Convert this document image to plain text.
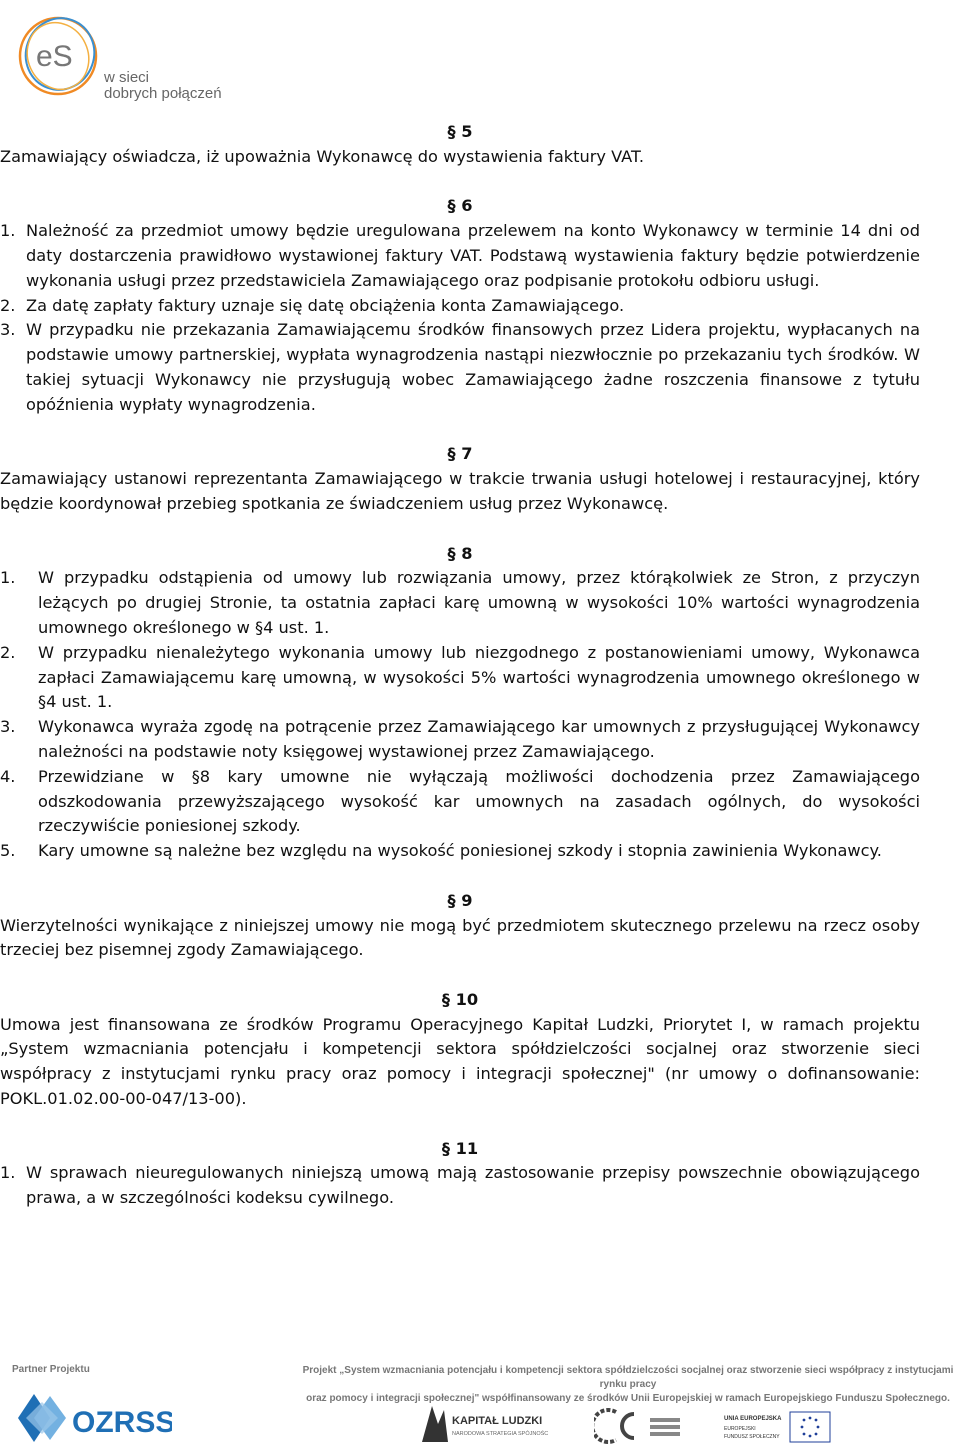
eS
w sieci
dobrych połączeń
§ 5
Zamawiający oświadcza, iż upoważnia Wykonawcę do wystawienia faktury VAT.
§ 6
1. Należność za przedmiot umowy będzie uregulowana przelewem na konto Wykonawcy w terminie 14 dni od daty dostarczenia prawidłowo wystawionej faktury VAT. Podstawą wystawienia faktury będzie potwierdzenie wykonania usługi przez przedstawiciela Zamawiającego oraz podpisanie protokołu odbioru usługi.
2. Za datę zapłaty faktury uznaje się datę obciążenia konta Zamawiającego.
3. W przypadku nie przekazania Zamawiającemu środków finansowych przez Lidera projektu, wypłacanych na podstawie umowy partnerskiej, wypłata wynagrodzenia nastąpi niezwłocznie po przekazaniu tych środków. W takiej sytuacji Wykonawcy nie przysługują wobec Zamawiającego żadne roszczenia finansowe z tytułu opóźnienia wypłaty wynagrodzenia.
§ 7
Zamawiający ustanowi reprezentanta Zamawiającego w trakcie trwania usługi hotelowej i restauracyjnej, który będzie koordynował przebieg spotkania ze świadczeniem usług przez Wykonawcę.
§ 8
1.	W przypadku odstąpienia od umowy lub rozwiązania umowy, przez którąkolwiek ze Stron, z przyczyn leżących po drugiej Stronie, ta ostatnia zapłaci karę umowną w wysokości 10% wartości wynagrodzenia umownego określonego w §4 ust. 1.
2.	W przypadku nienależytego wykonania umowy lub niezgodnego z postanowieniami umowy, Wykonawca zapłaci Zamawiającemu karę umowną, w wysokości 5% wartości wynagrodzenia umownego określonego w §4 ust. 1.
3.	Wykonawca wyraża zgodę na potrącenie przez Zamawiającego kar umownych z przysługującej Wykonawcy należności na podstawie noty księgowej wystawionej przez Zamawiającego.
4.	Przewidziane w §8 kary umowne nie wyłączają możliwości dochodzenia przez Zamawiającego odszkodowania przewyższającego wysokość kar umownych na zasadach ogólnych, do wysokości rzeczywiście poniesionej szkody.
5.	Kary umowne są należne bez względu na wysokość poniesionej szkody i stopnia zawinienia Wykonawcy.
§ 9
Wierzytelności wynikające z niniejszej umowy nie mogą być przedmiotem skutecznego przelewu na rzecz osoby trzeciej bez pisemnej zgody Zamawiającego.
§ 10
Umowa jest finansowana ze środków Programu Operacyjnego Kapitał Ludzki, Priorytet I, w ramach projektu „System wzmacniania potencjału i kompetencji sektora spółdzielczości socjalnej oraz stworzenie sieci współpracy z instytucjami rynku pracy oraz pomocy i integracji społecznej" (nr umowy o dofinansowanie: POKL.01.02.00-00-047/13-00).
§ 11
1. W sprawach nieuregulowanych niniejszą umową mają zastosowanie przepisy powszechnie obowiązującego prawa, a w szczególności kodeksu cywilnego.
Partner Projektu	Projekt „System wzmacniania potencjału i kompetencji sektora spółdzielczości socjalnej oraz stworzenie sieci współpracy z instytucjami rynku pracy
oraz pomocy i integracji społecznej" współfinansowany ze środków Unii Europejskiej w ramach Europejskiego Funduszu Społecznego.
OZRSS	KAPITAŁ LUDZKI
NARODOWA STRATEGIA SPÓJNOŚCI
UNIA EUROPEJSKA
EUROPEJSKI
FUNDUSZ SPOŁECZNY
